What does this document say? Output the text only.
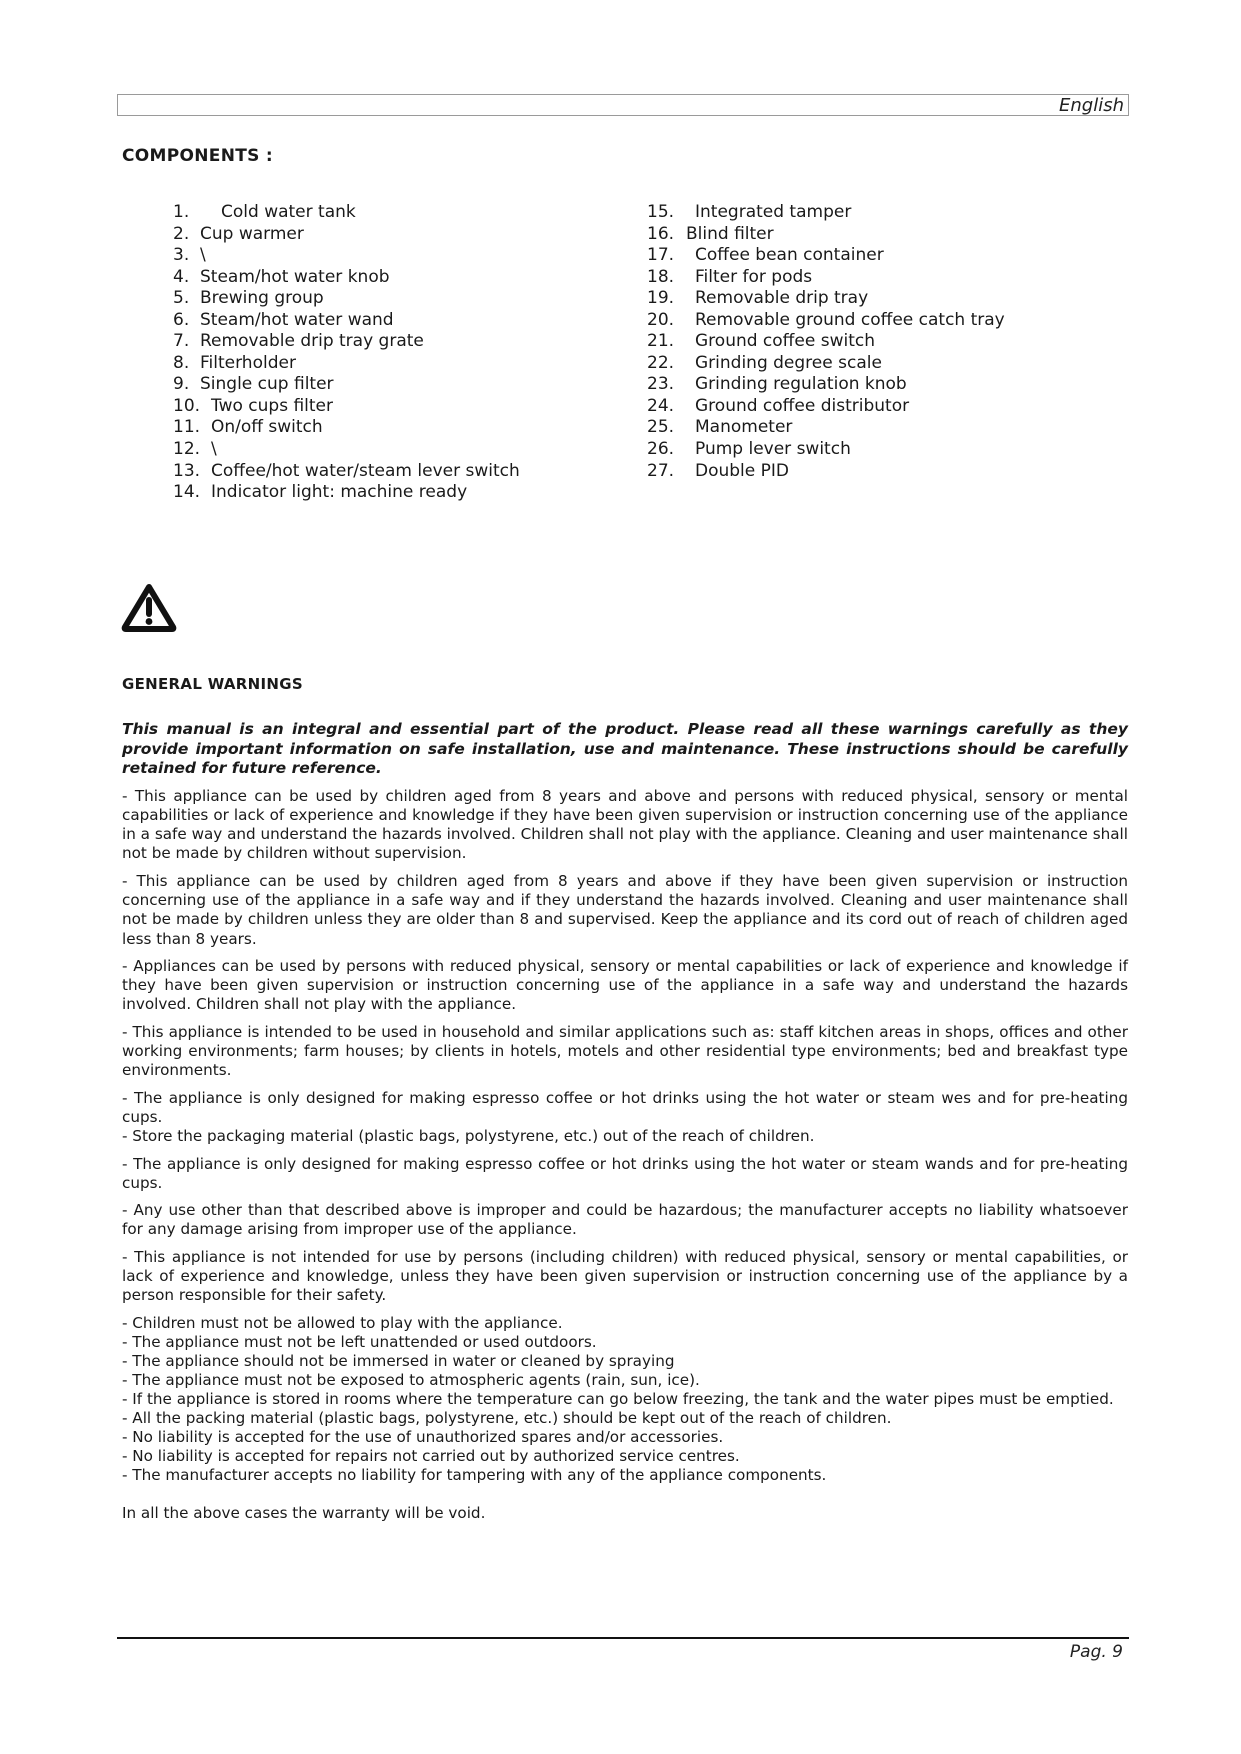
English
COMPONENTS :
1. Cold water tank
2. Cup warmer
3. \
4. Steam/hot water knob
5. Brewing group
6. Steam/hot water wand
7. Removable drip tray grate
8. Filterholder
9. Single cup filter
10. Two cups filter
11. On/off switch
12. \
13. Coffee/hot water/steam lever switch
14. Indicator light: machine ready
15. Integrated tamper
16. Blind filter
17. Coffee bean container
18. Filter for pods
19. Removable drip tray
20. Removable ground coffee catch tray
21. Ground coffee switch
22. Grinding degree scale
23. Grinding regulation knob
24. Ground coffee distributor
25. Manometer
26. Pump lever switch
27. Double PID
GENERAL WARNINGS

This manual is an integral and essential part of the product. Please read all these warnings carefully as they provide important information on safe installation, use and maintenance. These instructions should be carefully retained for future reference.

- This appliance can be used by children aged from 8 years and above and persons with reduced physical, sensory or mental capabilities or lack of experience and knowledge if they have been given supervision or instruction concerning use of the appliance in a safe way and understand the hazards involved. Children shall not play with the appliance. Cleaning and user maintenance shall not be made by children without supervision.

- This appliance can be used by children aged from 8 years and above if they have been given supervision or instruction concerning use of the appliance in a safe way and if they understand the hazards involved. Cleaning and user maintenance shall not be made by children unless they are older than 8 and supervised. Keep the appliance and its cord out of reach of children aged less than 8 years.

- Appliances can be used by persons with reduced physical, sensory or mental capabilities or lack of experience and knowledge if they have been given supervision or instruction concerning use of the appliance in a safe way and understand the hazards involved. Children shall not play with the appliance.

- This appliance is intended to be used in household and similar applications such as: staff kitchen areas in shops, offices and other working environments; farm houses; by clients in hotels, motels and other residential type environments; bed and breakfast type environments.

- The appliance is only designed for making espresso coffee or hot drinks using the hot water or steam wes and for pre-heating cups.

- Store the packaging material (plastic bags, polystyrene, etc.) out of the reach of children.

- The appliance is only designed for making espresso coffee or hot drinks using the hot water or steam wands and for pre-heating cups.

- Any use other than that described above is improper and could be hazardous; the manufacturer accepts no liability whatsoever for any damage arising from improper use of the appliance.

- This appliance is not intended for use by persons (including children) with reduced physical, sensory or mental capabilities, or lack of experience and knowledge, unless they have been given supervision or instruction concerning use of the appliance by a person responsible for their safety.

- Children must not be allowed to play with the appliance.
- The appliance must not be left unattended or used outdoors.
- The appliance should not be immersed in water or cleaned by spraying
- The appliance must not be exposed to atmospheric agents (rain, sun, ice).
- If the appliance is stored in rooms where the temperature can go below freezing, the tank and the water pipes must be emptied.
- All the packing material (plastic bags, polystyrene, etc.) should be kept out of the reach of children.
- No liability is accepted for the use of unauthorized spares and/or accessories.
- No liability is accepted for repairs not carried out by authorized service centres.
- The manufacturer accepts no liability for tampering with any of the appliance components.
In all the above cases the warranty will be void.
Pag. 9
